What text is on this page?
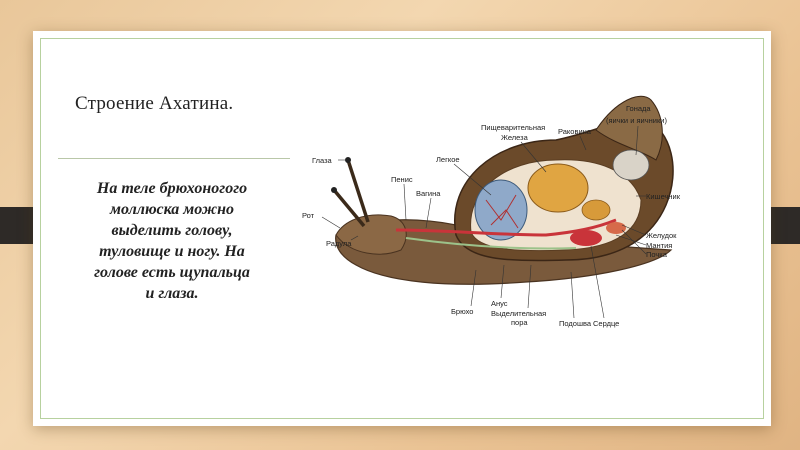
Строение Ахатина.
На теле брюхоногого
моллюска можно
выделить голову,
туловище и ногу. На
голове есть щупальца
и глаза.
Глаза
Рот
Радула
Пенис
Вагина
Легкое
Пищеварительная
Железа
Раковина
Гонада
(яички и яичники)
Кишечник
Желудок
Мантия
Почка
Брюхо
Анус
Выделительная
пора	Подошва Сердце
